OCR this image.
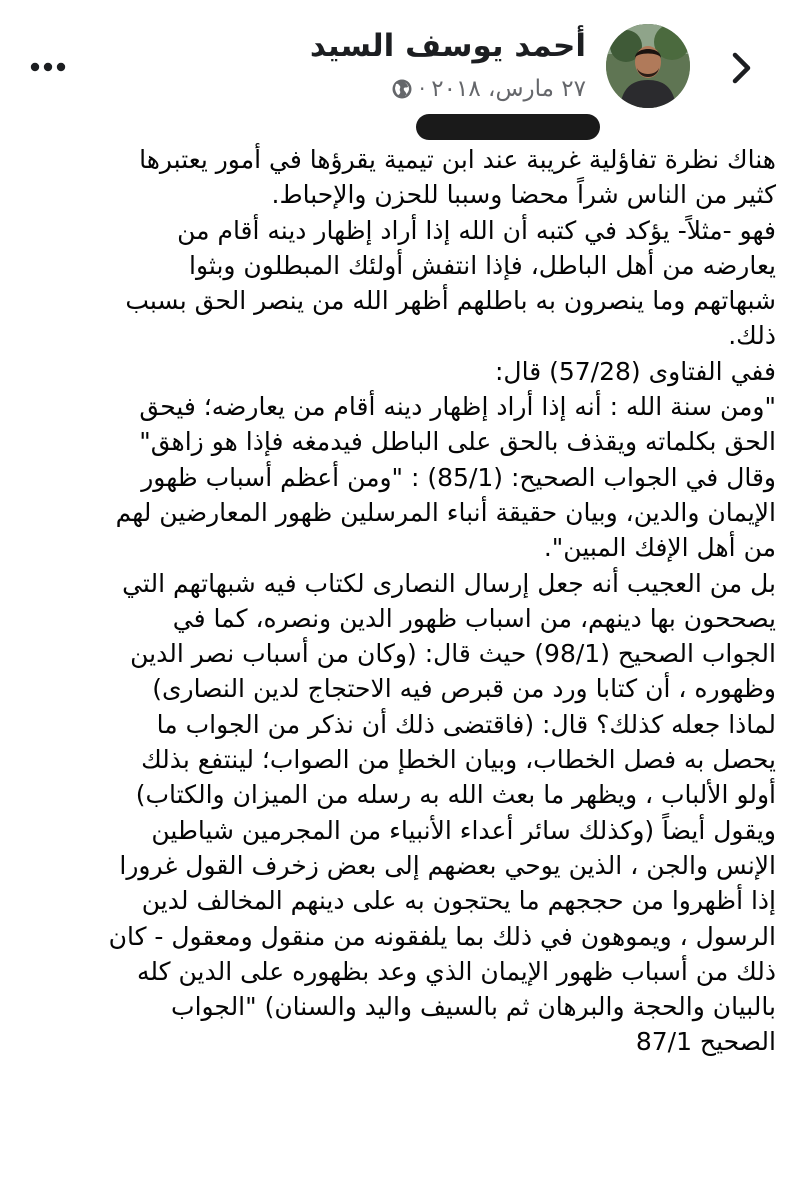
أحمد يوسف السيد
٢٧ مارس، ٢٠١٨
·
هناك نظرة تفاؤلية غريبة عند ابن تيمية يقرؤها في أمور يعتبرها
كثير من الناس شراً محضا وسببا للحزن والإحباط.
فهو -مثلاً- يؤكد في كتبه أن الله إذا أراد إظهار دينه أقام من
يعارضه من أهل الباطل، فإذا انتفش أولئك المبطلون وبثوا
شبهاتهم وما ينصرون به باطلهم أظهر الله من ينصر الحق بسبب
ذلك.
ففي الفتاوى (57/28) قال:
"ومن سنة الله : أنه إذا أراد إظهار دينه أقام من يعارضه؛ فيحق
الحق بكلماته ويقذف بالحق على الباطل فيدمغه فإذا هو زاهق"
وقال في الجواب الصحيح: (85/1) : "ومن أعظم أسباب ظهور
الإيمان والدين، وبيان حقيقة أنباء المرسلين ظهور المعارضين لهم
من أهل الإفك المبين".
بل من العجيب أنه جعل إرسال النصارى لكتاب فيه شبهاتهم التي
يصححون بها دينهم، من اسباب ظهور الدين ونصره، كما في
الجواب الصحيح (98/1) حيث قال: (وكان من أسباب نصر الدين
وظهوره ، أن كتابا ورد من قبرص فيه الاحتجاج لدين النصارى)
لماذا جعله كذلك؟ قال: (فاقتضى ذلك أن نذكر من الجواب ما
يحصل به فصل الخطاب، وبيان الخطإ من الصواب؛ لينتفع بذلك
أولو الألباب ، ويظهر ما بعث الله به رسله من الميزان والكتاب)
ويقول أيضاً (وكذلك سائر أعداء الأنبياء من المجرمين شياطين
الإنس والجن ، الذين يوحي بعضهم إلى بعض زخرف القول غرورا
إذا أظهروا من حججهم ما يحتجون به على دينهم المخالف لدين
الرسول ، ويموهون في ذلك بما يلفقونه من منقول ومعقول - كان
ذلك من أسباب ظهور الإيمان الذي وعد بظهوره على الدين كله
بالبيان والحجة والبرهان ثم بالسيف واليد والسنان) "الجواب
الصحيح 87/1
